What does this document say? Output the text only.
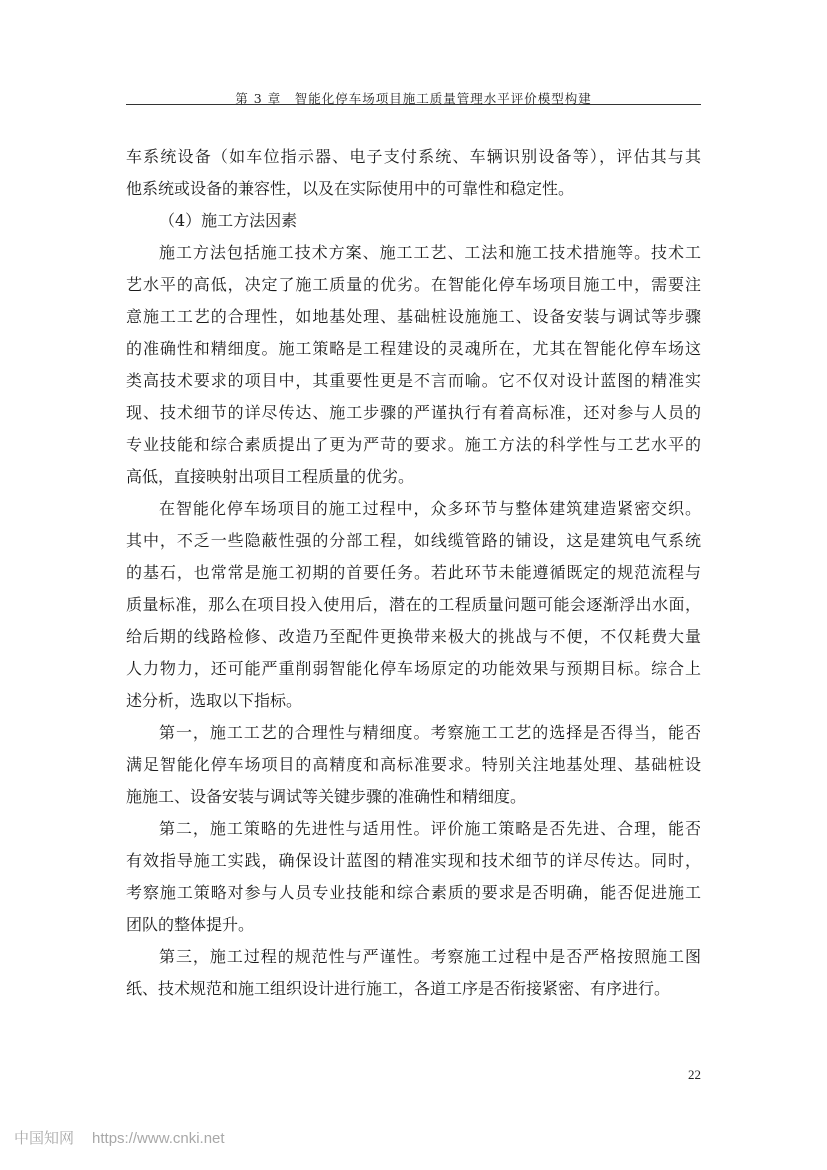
第 3 章　智能化停车场项目施工质量管理水平评价模型构建
车系统设备（如车位指示器、电子支付系统、车辆识别设备等），评估其与其
他系统或设备的兼容性，以及在实际使用中的可靠性和稳定性。
（4）施工方法因素
施工方法包括施工技术方案、施工工艺、工法和施工技术措施等。技术工
艺水平的高低，决定了施工质量的优劣。在智能化停车场项目施工中，需要注
意施工工艺的合理性，如地基处理、基础桩设施施工、设备安装与调试等步骤
的准确性和精细度。施工策略是工程建设的灵魂所在，尤其在智能化停车场这
类高技术要求的项目中，其重要性更是不言而喻。它不仅对设计蓝图的精准实
现、技术细节的详尽传达、施工步骤的严谨执行有着高标准，还对参与人员的
专业技能和综合素质提出了更为严苛的要求。施工方法的科学性与工艺水平的
高低，直接映射出项目工程质量的优劣。
在智能化停车场项目的施工过程中，众多环节与整体建筑建造紧密交织。
其中，不乏一些隐蔽性强的分部工程，如线缆管路的铺设，这是建筑电气系统
的基石，也常常是施工初期的首要任务。若此环节未能遵循既定的规范流程与
质量标准，那么在项目投入使用后，潜在的工程质量问题可能会逐渐浮出水面，
给后期的线路检修、改造乃至配件更换带来极大的挑战与不便，不仅耗费大量
人力物力，还可能严重削弱智能化停车场原定的功能效果与预期目标。综合上
述分析，选取以下指标。
第一，施工工艺的合理性与精细度。考察施工工艺的选择是否得当，能否
满足智能化停车场项目的高精度和高标准要求。特别关注地基处理、基础桩设
施施工、设备安装与调试等关键步骤的准确性和精细度。
第二，施工策略的先进性与适用性。评价施工策略是否先进、合理，能否
有效指导施工实践，确保设计蓝图的精准实现和技术细节的详尽传达。同时，
考察施工策略对参与人员专业技能和综合素质的要求是否明确，能否促进施工
团队的整体提升。
第三，施工过程的规范性与严谨性。考察施工过程中是否严格按照施工图
纸、技术规范和施工组织设计进行施工，各道工序是否衔接紧密、有序进行。
22
中国知网 https://www.cnki.net
